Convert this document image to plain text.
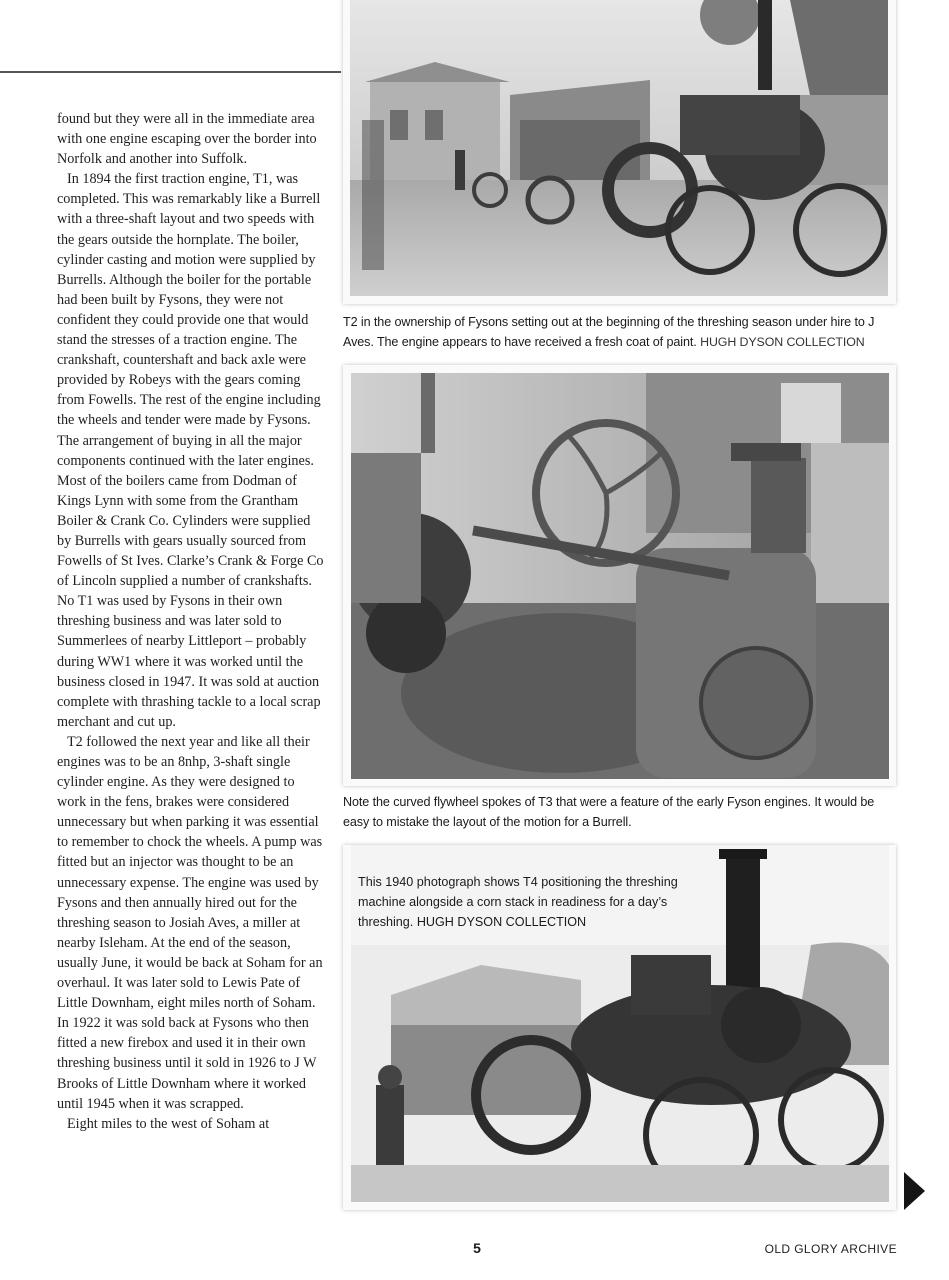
found but they were all in the immediate area with one engine escaping over the border into Norfolk and another into Suffolk.

In 1894 the first traction engine, T1, was completed. This was remarkably like a Burrell with a three-shaft layout and two speeds with the gears outside the hornplate. The boiler, cylinder casting and motion were supplied by Burrells. Although the boiler for the portable had been built by Fysons, they were not confident they could provide one that would stand the stresses of a traction engine. The crankshaft, countershaft and back axle were provided by Robeys with the gears coming from Fowells. The rest of the engine including the wheels and tender were made by Fysons. The arrangement of buying in all the major components continued with the later engines. Most of the boilers came from Dodman of Kings Lynn with some from the Grantham Boiler & Crank Co. Cylinders were supplied by Burrells with gears usually sourced from Fowells of St Ives. Clarke’s Crank & Forge Co of Lincoln supplied a number of crankshafts. No T1 was used by Fysons in their own threshing business and was later sold to Summerlees of nearby Littleport – probably during WW1 where it was worked until the business closed in 1947. It was sold at auction complete with thrashing tackle to a local scrap merchant and cut up.

T2 followed the next year and like all their engines was to be an 8nhp, 3-shaft single cylinder engine. As they were designed to work in the fens, brakes were considered unnecessary but when parking it was essential to remember to chock the wheels. A pump was fitted but an injector was thought to be an unnecessary expense. The engine was used by Fysons and then annually hired out for the threshing season to Josiah Aves, a miller at nearby Isleham. At the end of the season, usually June, it would be back at Soham for an overhaul. It was later sold to Lewis Pate of Little Downham, eight miles north of Soham. In 1922 it was sold back at Fysons who then fitted a new firebox and used it in their own threshing business until it sold in 1926 to J W Brooks of Little Downham where it worked until 1945 when it was scrapped.

Eight miles to the west of Soham at

T2 in the ownership of Fysons setting out at the beginning of the threshing season under hire to J Aves. The engine appears to have received a fresh coat of paint. HUGH DYSON COLLECTION
Note the curved flywheel spokes of T3 that were a feature of the early Fyson engines. It would be easy to mistake the layout of the motion for a Burrell.
This 1940 photograph shows T4 positioning the threshing machine alongside a corn stack in readiness for a day’s threshing. HUGH DYSON COLLECTION
5	OLD GLORY ARCHIVE
